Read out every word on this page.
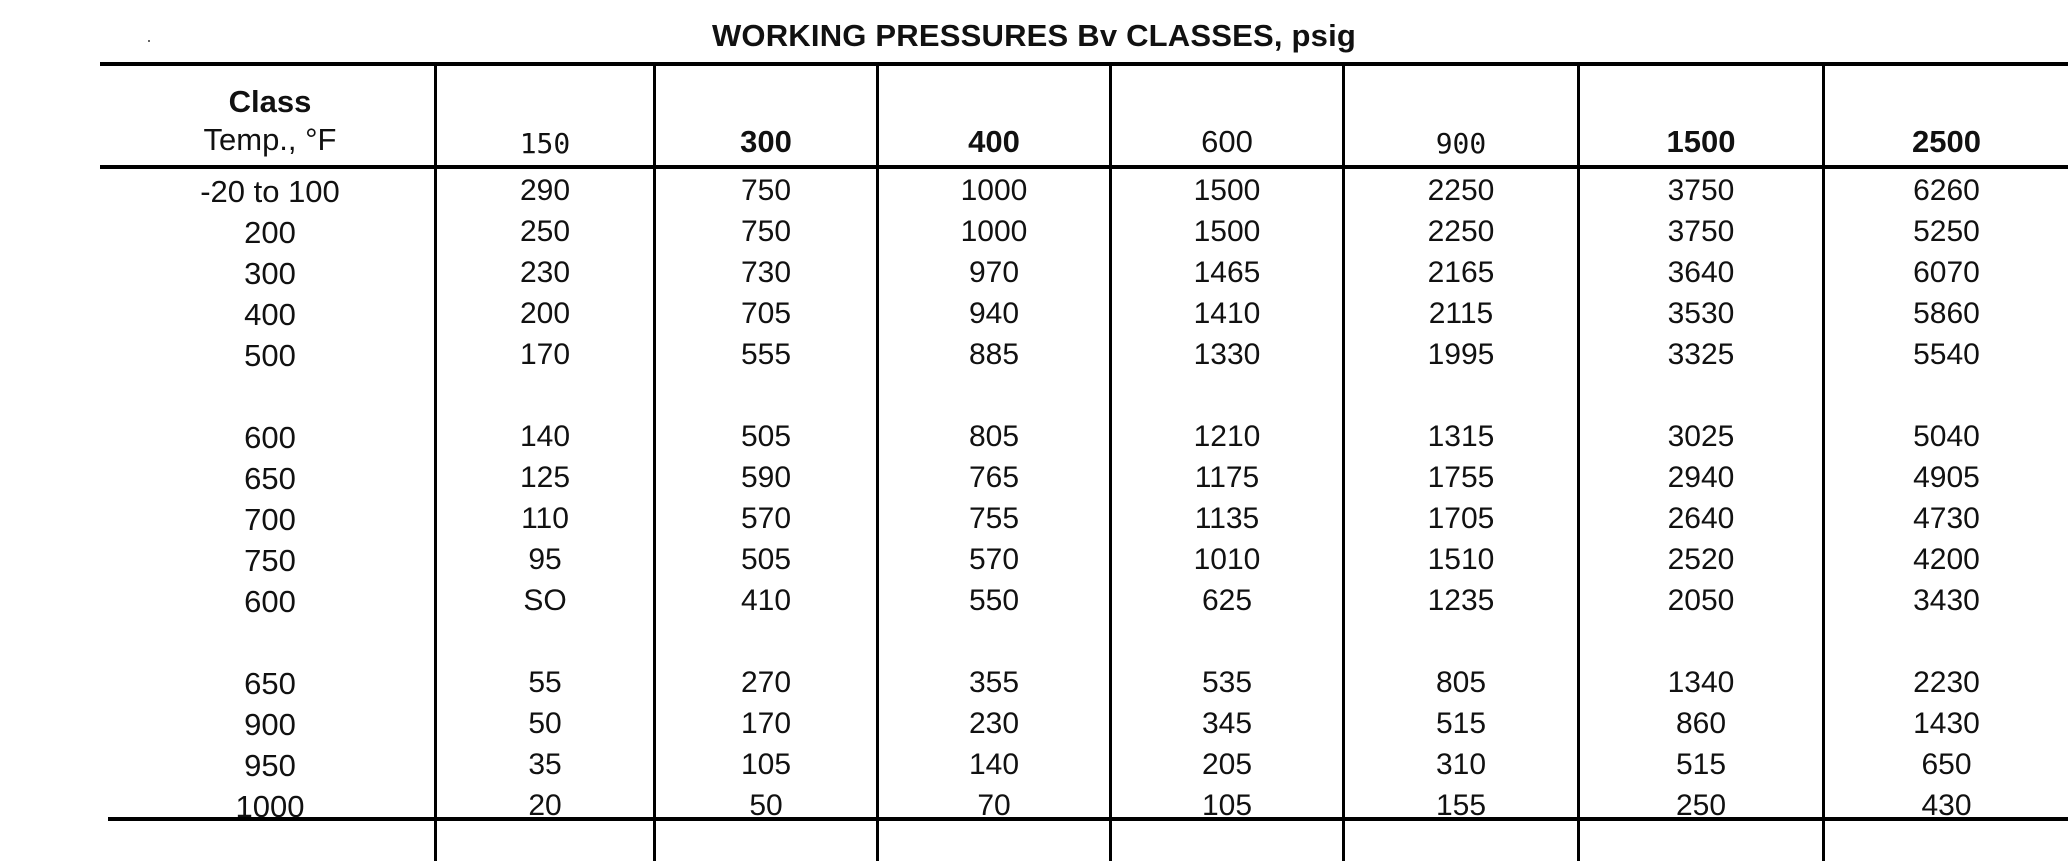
WORKING PRESSURES Bᴠ CLASSES, psig
Class
Temp., °F	150	300	400	600	900	1500	2500
-20 to 100	290	750	1000	1500	2250	3750	6260
200	250	750	1000	1500	2250	3750	5250
300	230	730	970	1465	2165	3640	6070
400	200	705	940	1410	2115	3530	5860
500	170	555	885	1330	1995	3325	5540
600	140	505	805	1210	1315	3025	5040
650	125	590	765	1175	1755	2940	4905
700	110	570	755	1135	1705	2640	4730
750	95	505	570	1010	1510	2520	4200
600	SO	410	550	625	1235	2050	3430
650	55	270	355	535	805	1340	2230
900	50	170	230	345	515	860	1430
950	35	105	140	205	310	515	650
1000	20	50	70	105	155	250	430
